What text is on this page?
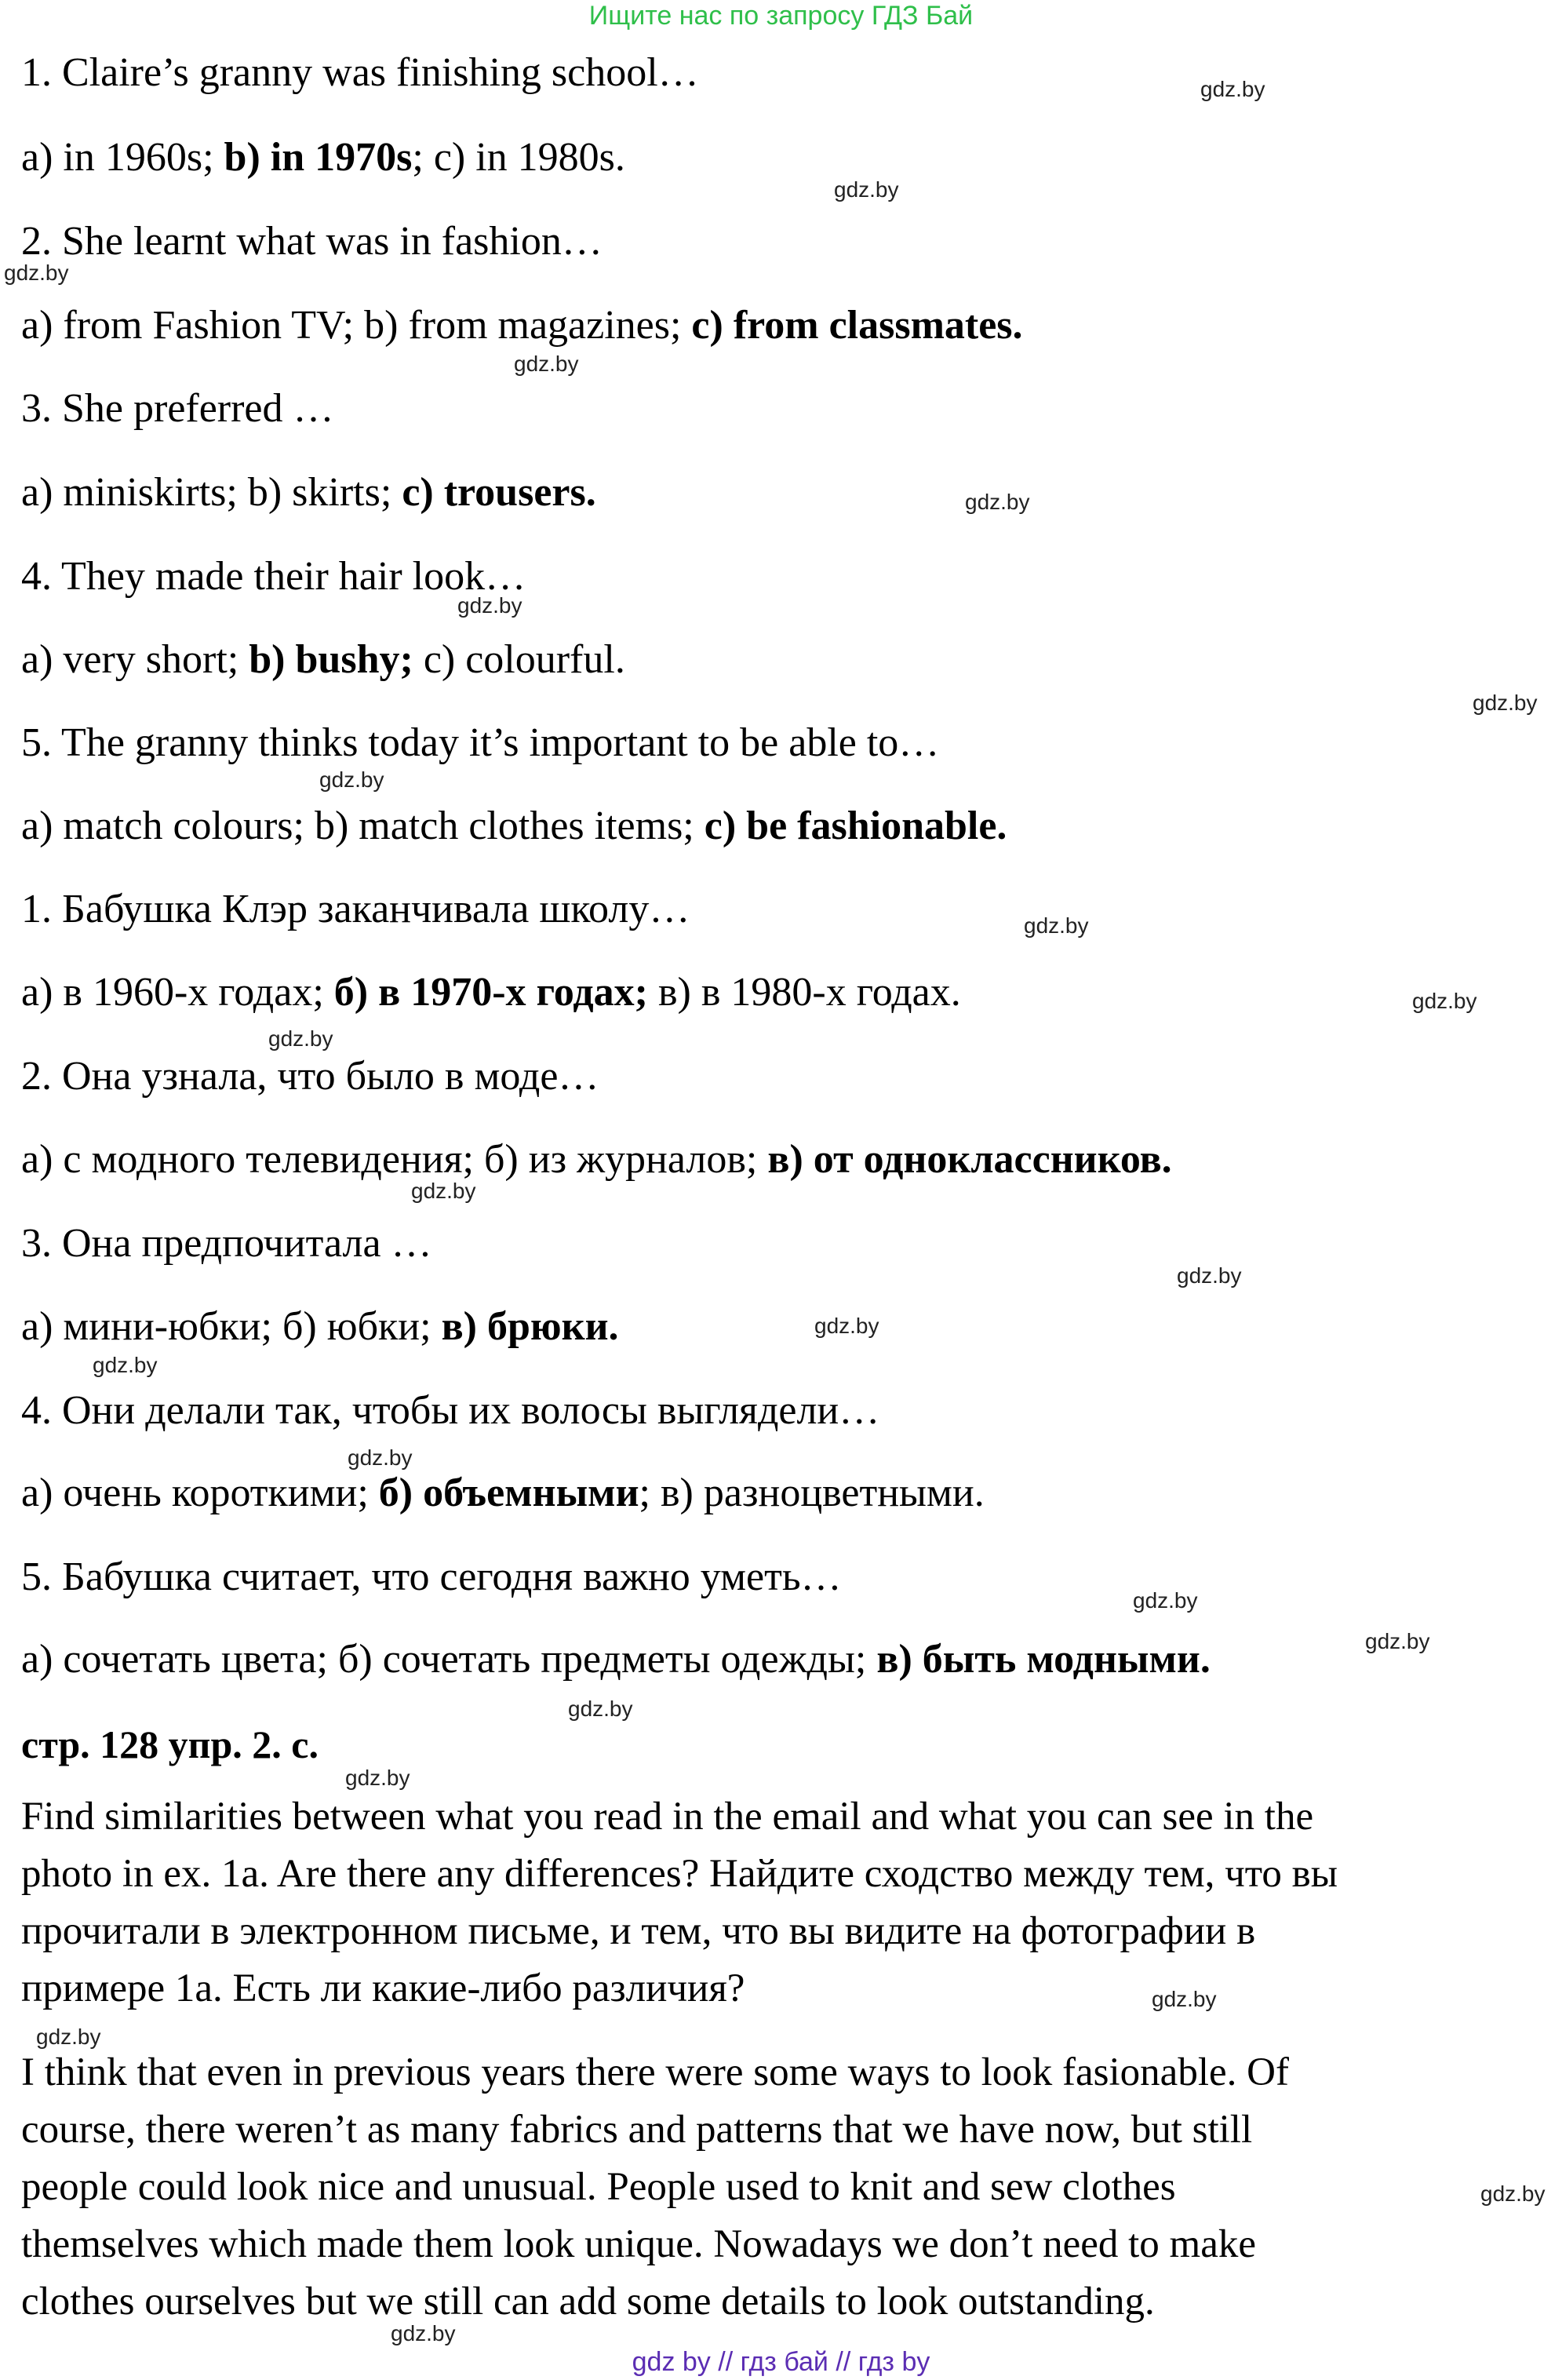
Ищите нас по запросу ГДЗ Бай
1. Claire’s granny was finishing school…
a) in 1960s; b) in 1970s; c) in 1980s.
2. She learnt what was in fashion…
a) from Fashion TV; b) from magazines; c) from classmates.
3. She preferred …
a) miniskirts; b) skirts; c) trousers.
4. They made their hair look…
a) very short; b) bushy; c) colourful.
5. The granny thinks today it’s important to be able to…
a) match colours; b) match clothes items; c) be fashionable.
1. Бабушка Клэр заканчивала школу…
а) в 1960-х годах; б) в 1970-х годах; в) в 1980-х годах.
2. Она узнала, что было в моде…
а) с модного телевидения; б) из журналов; в) от одноклассников.
3. Она предпочитала …
а) мини-юбки; б) юбки; в) брюки.
4. Они делали так, чтобы их волосы выглядели…
а) очень короткими; б) объемными; в) разноцветными.
5. Бабушка считает, что сегодня важно уметь…
а) сочетать цвета; б) сочетать предметы одежды; в) быть модными.
стр. 128 упр. 2. с.
Find similarities between what you read in the email and what you can see in the
photo in ex. 1a. Are there any differences? Найдите сходство между тем, что вы
прочитали в электронном письме, и тем, что вы видите на фотографии в
примере 1a. Есть ли какие-либо различия?
I think that even in previous years there were some ways to look fasionable. Of
course, there weren’t as many fabrics and patterns that we have now, but still
people could look nice and unusual. People used to knit and sew clothes
themselves which made them look unique. Nowadays we don’t need to make
clothes ourselves but we still can add some details to look outstanding.
gdz.by
gdz.by
gdz.by
gdz.by
gdz.by
gdz.by
gdz.by
gdz.by
gdz.by
gdz.by
gdz.by
gdz.by
gdz.by
gdz.by
gdz.by
gdz.by
gdz.by
gdz.by
gdz.by
gdz.by
gdz.by
gdz.by
gdz.by
gdz.by
gdz by // гдз бай // гдз by
